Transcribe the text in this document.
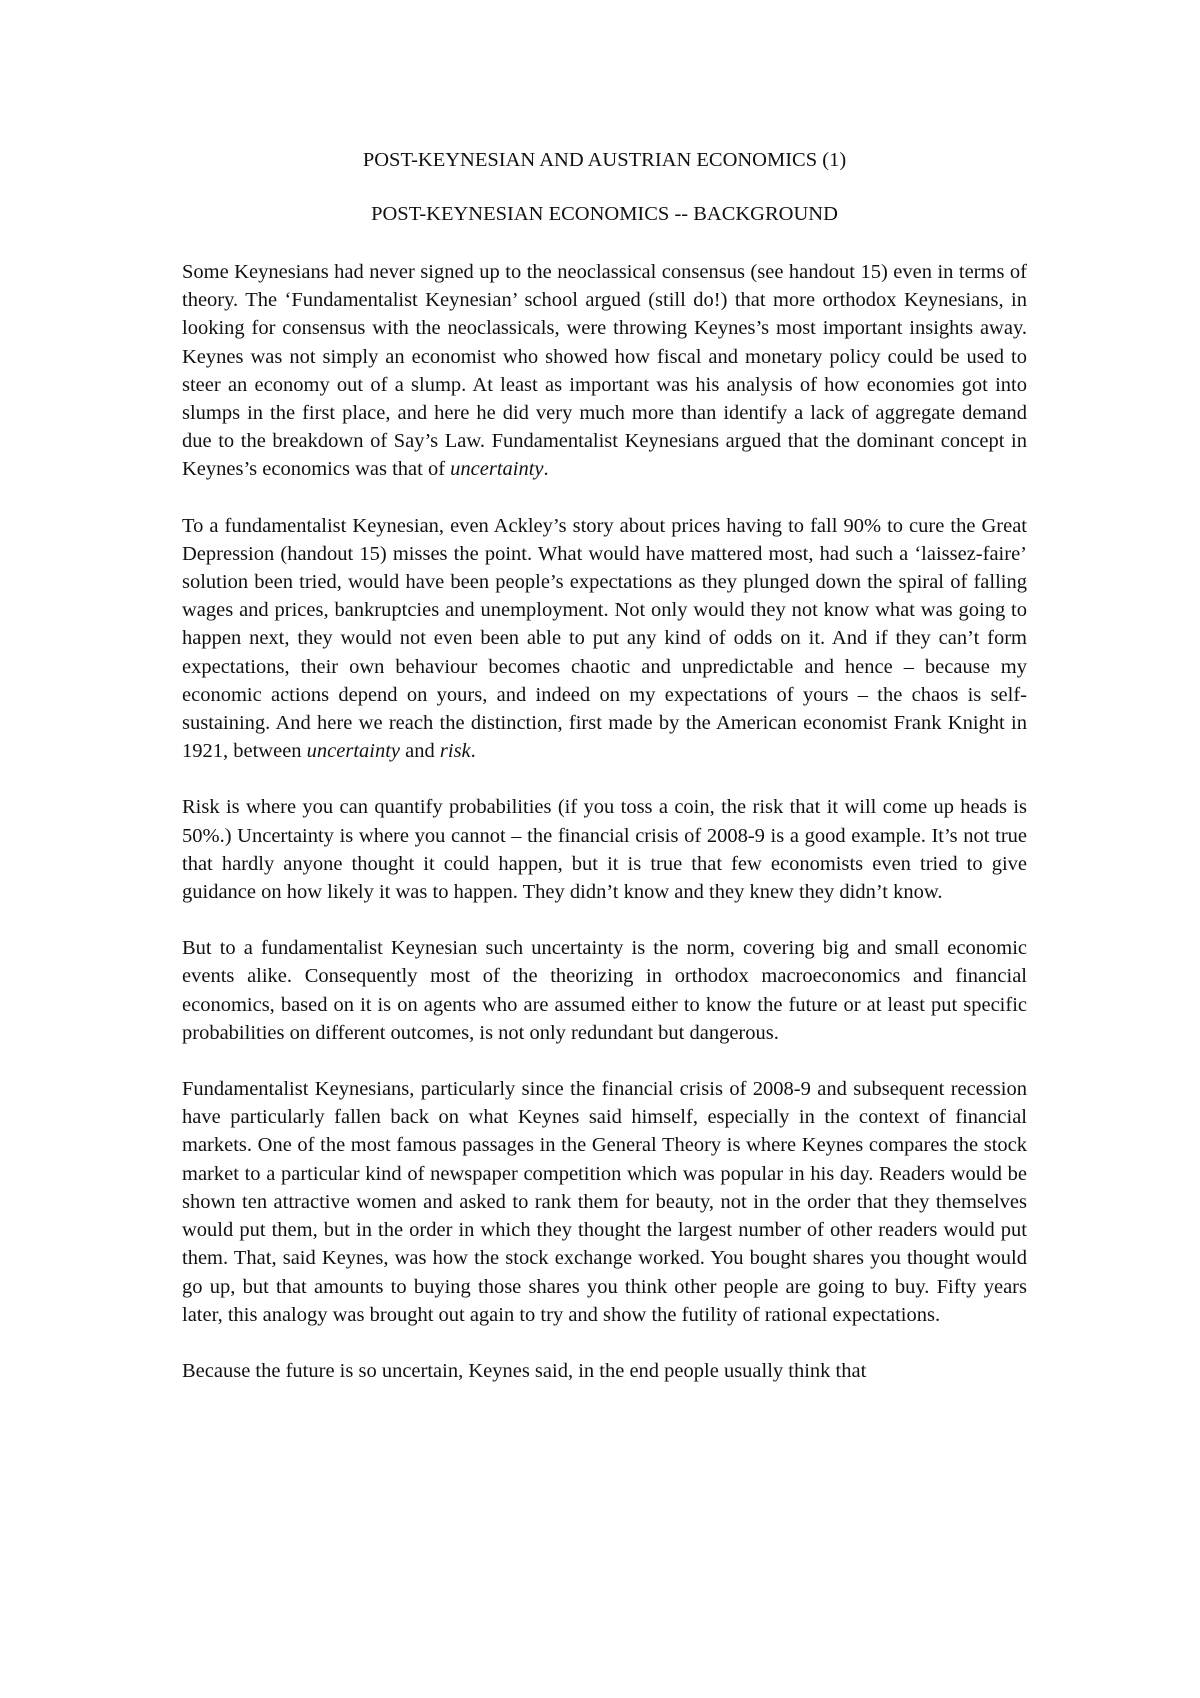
POST-KEYNESIAN AND AUSTRIAN ECONOMICS (1)
POST-KEYNESIAN ECONOMICS -- BACKGROUND

Some Keynesians had never signed up to the neoclassical consensus (see handout 15) even in terms of theory. The ‘Fundamentalist Keynesian’ school argued (still do!) that more orthodox Keynesians, in looking for consensus with the neoclassicals, were throwing Keynes’s most important insights away. Keynes was not simply an economist who showed how fiscal and monetary policy could be used to steer an economy out of a slump. At least as important was his analysis of how economies got into slumps in the first place, and here he did very much more than identify a lack of aggregate demand due to the breakdown of Say’s Law. Fundamentalist Keynesians argued that the dominant concept in Keynes’s economics was that of uncertainty.

To a fundamentalist Keynesian, even Ackley’s story about prices having to fall 90% to cure the Great Depression (handout 15) misses the point. What would have mattered most, had such a ‘laissez-faire’ solution been tried, would have been people’s expectations as they plunged down the spiral of falling wages and prices, bankruptcies and unemployment. Not only would they not know what was going to happen next, they would not even been able to put any kind of odds on it. And if they can’t form expectations, their own behaviour becomes chaotic and unpredictable and hence – because my economic actions depend on yours, and indeed on my expectations of yours – the chaos is self-sustaining. And here we reach the distinction, first made by the American economist Frank Knight in 1921, between uncertainty and risk.

Risk is where you can quantify probabilities (if you toss a coin, the risk that it will come up heads is 50%.) Uncertainty is where you cannot – the financial crisis of 2008-9 is a good example. It’s not true that hardly anyone thought it could happen, but it is true that few economists even tried to give guidance on how likely it was to happen. They didn’t know and they knew they didn’t know.

But to a fundamentalist Keynesian such uncertainty is the norm, covering big and small economic events alike. Consequently most of the theorizing in orthodox macroeconomics and financial economics, based on it is on agents who are assumed either to know the future or at least put specific probabilities on different outcomes, is not only redundant but dangerous.

Fundamentalist Keynesians, particularly since the financial crisis of 2008-9 and subsequent recession have particularly fallen back on what Keynes said himself, especially in the context of financial markets. One of the most famous passages in the General Theory is where Keynes compares the stock market to a particular kind of newspaper competition which was popular in his day. Readers would be shown ten attractive women and asked to rank them for beauty, not in the order that they themselves would put them, but in the order in which they thought the largest number of other readers would put them. That, said Keynes, was how the stock exchange worked. You bought shares you thought would go up, but that amounts to buying those shares you think other people are going to buy. Fifty years later, this analogy was brought out again to try and show the futility of rational expectations.

Because the future is so uncertain, Keynes said, in the end people usually think that
